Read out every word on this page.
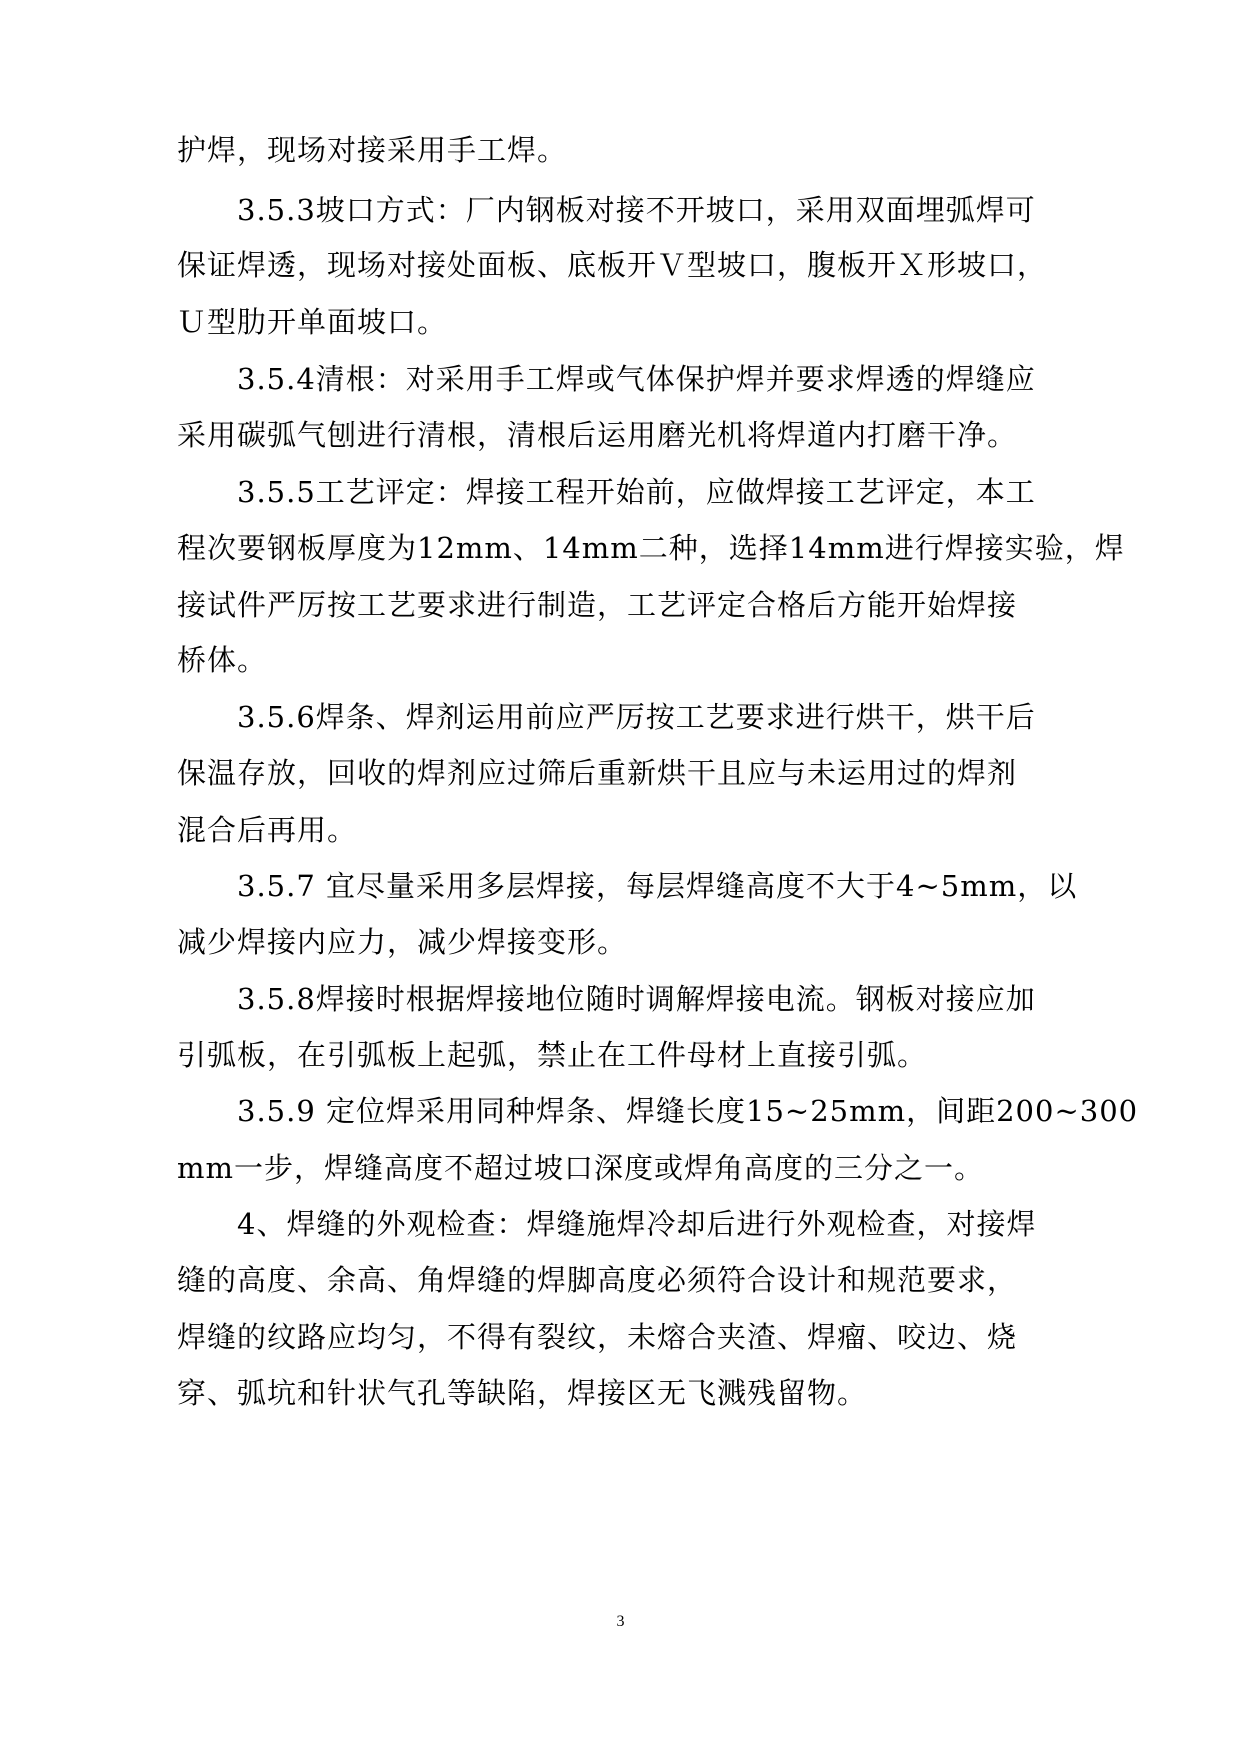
护焊，现场对接采用手工焊。
3.5.3坡口方式：厂内钢板对接不开坡口，采用双面埋弧焊可
保证焊透，现场对接处面板、底板开Ｖ型坡口，腹板开Ｘ形坡口，
Ｕ型肋开单面坡口。
3.5.4清根：对采用手工焊或气体保护焊并要求焊透的焊缝应
采用碳弧气刨进行清根，清根后运用磨光机将焊道内打磨干净。
3.5.5工艺评定：焊接工程开始前，应做焊接工艺评定，本工
程次要钢板厚度为12mm、14mm二种，选择14mm进行焊接实验，焊
接试件严厉按工艺要求进行制造，工艺评定合格后方能开始焊接
桥体。
3.5.6焊条、焊剂运用前应严厉按工艺要求进行烘干，烘干后
保温存放，回收的焊剂应过筛后重新烘干且应与未运用过的焊剂
混合后再用。
3.5.7 宜尽量采用多层焊接，每层焊缝高度不大于4~5mm，以
减少焊接内应力，减少焊接变形。
3.5.8焊接时根据焊接地位随时调解焊接电流。钢板对接应加
引弧板，在引弧板上起弧，禁止在工件母材上直接引弧。
3.5.9 定位焊采用同种焊条、焊缝长度15~25mm，间距200~300
mm一步，焊缝高度不超过坡口深度或焊角高度的三分之一。
4、焊缝的外观检查：焊缝施焊冷却后进行外观检查，对接焊
缝的高度、余高、角焊缝的焊脚高度必须符合设计和规范要求，
焊缝的纹路应均匀，不得有裂纹，未熔合夹渣、焊瘤、咬边、烧
穿、弧坑和针状气孔等缺陷，焊接区无飞溅残留物。
3
